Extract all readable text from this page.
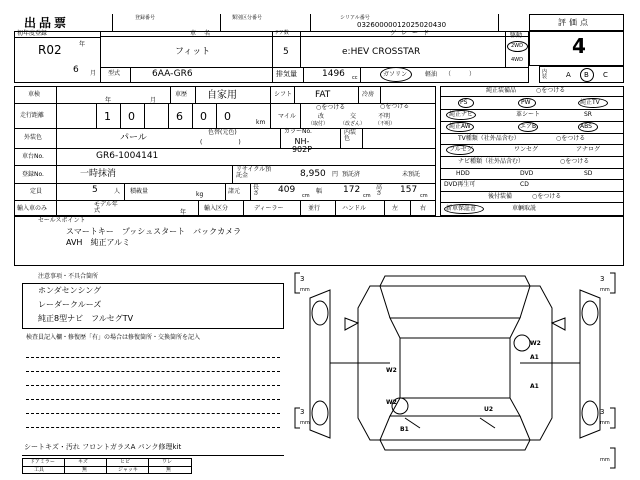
出品票	登録番号	類別区分番号	シリアル番号
03260000012025020430	評価点
4
初年度登録
R02	年
6 月
車名
フィット
ドア数
5
グレード
e:HEV CROSSTAR
駆動
2WD
4WD
型式	6AA-GR6	排気量	1496 cc	ガソリン	軽油 （　　　）	内装	A B C
車検
年	月
車歴 自家用	シフト	FAT	冷房
走行距離	1 0	6 0 0	km
マイル
○をつける
改	交	不明
（取付） （改ざん） （不明）
○をつける
外装色	パール
色替(元色)
(　　　　　　)
カラーNo.
NH-902P
内装色
車台No.	GR6-1004141
登録No.	一時抹消	リサイクル預託金	8,950 円 預託済	未預託
定員	5	人 積載量	kg	諸元
長さ 409
cm
幅 172
cm
高さ 157
cm
輸入車のみ
モデル年式	年
輸入区分	ディーラー	並行	ハンドル	左	右
純正装備品	○をつける
PS	PW	純正TV
純正ナビ	革シート	SR
純正AW	エアB	ABS
TV種類（社外品含む）	○をつける
フルセグ	ワンセグ	アナログ
ナビ種類（社外品含む）	○をつける
HDD	DVD	SD
DVD再生可	CD
後付装備	○をつける
新車保証書	車輌取説
セールスポイント
スマートキー　プッシュスタート　バックカメラ
AVH　純正アルミ
注意事項・不具合箇所
ホンダセンシング
レーダークルーズ
純正8型ナビ　フルセグTV
検査員記入欄・修復歴「有」の場合は修復箇所・交換箇所を記入
シートキズ・汚れ フロントガラスA パンク修理kit
ドアミラー	キズ	ヒビ	ワレ
工具	無	ジャッキ	無
3
mm
3
mm
3
mm
3
mm
mm
W2
A1
W2
A1
W2
U2
B1
